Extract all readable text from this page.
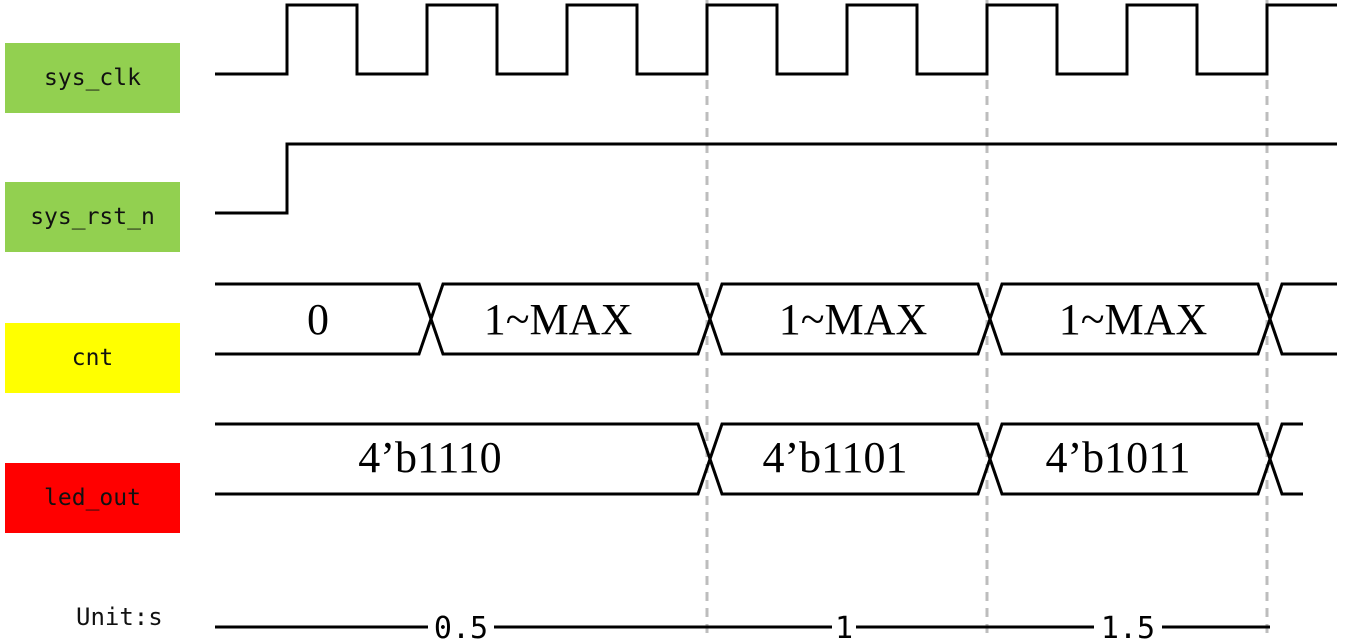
sys_clk
sys_rst_n
cnt
led_out
0	1~MAX	1~MAX	1~MAX
4’b1110	4’b1101	4’b1011
0.5	1	1.5
Unit:s
